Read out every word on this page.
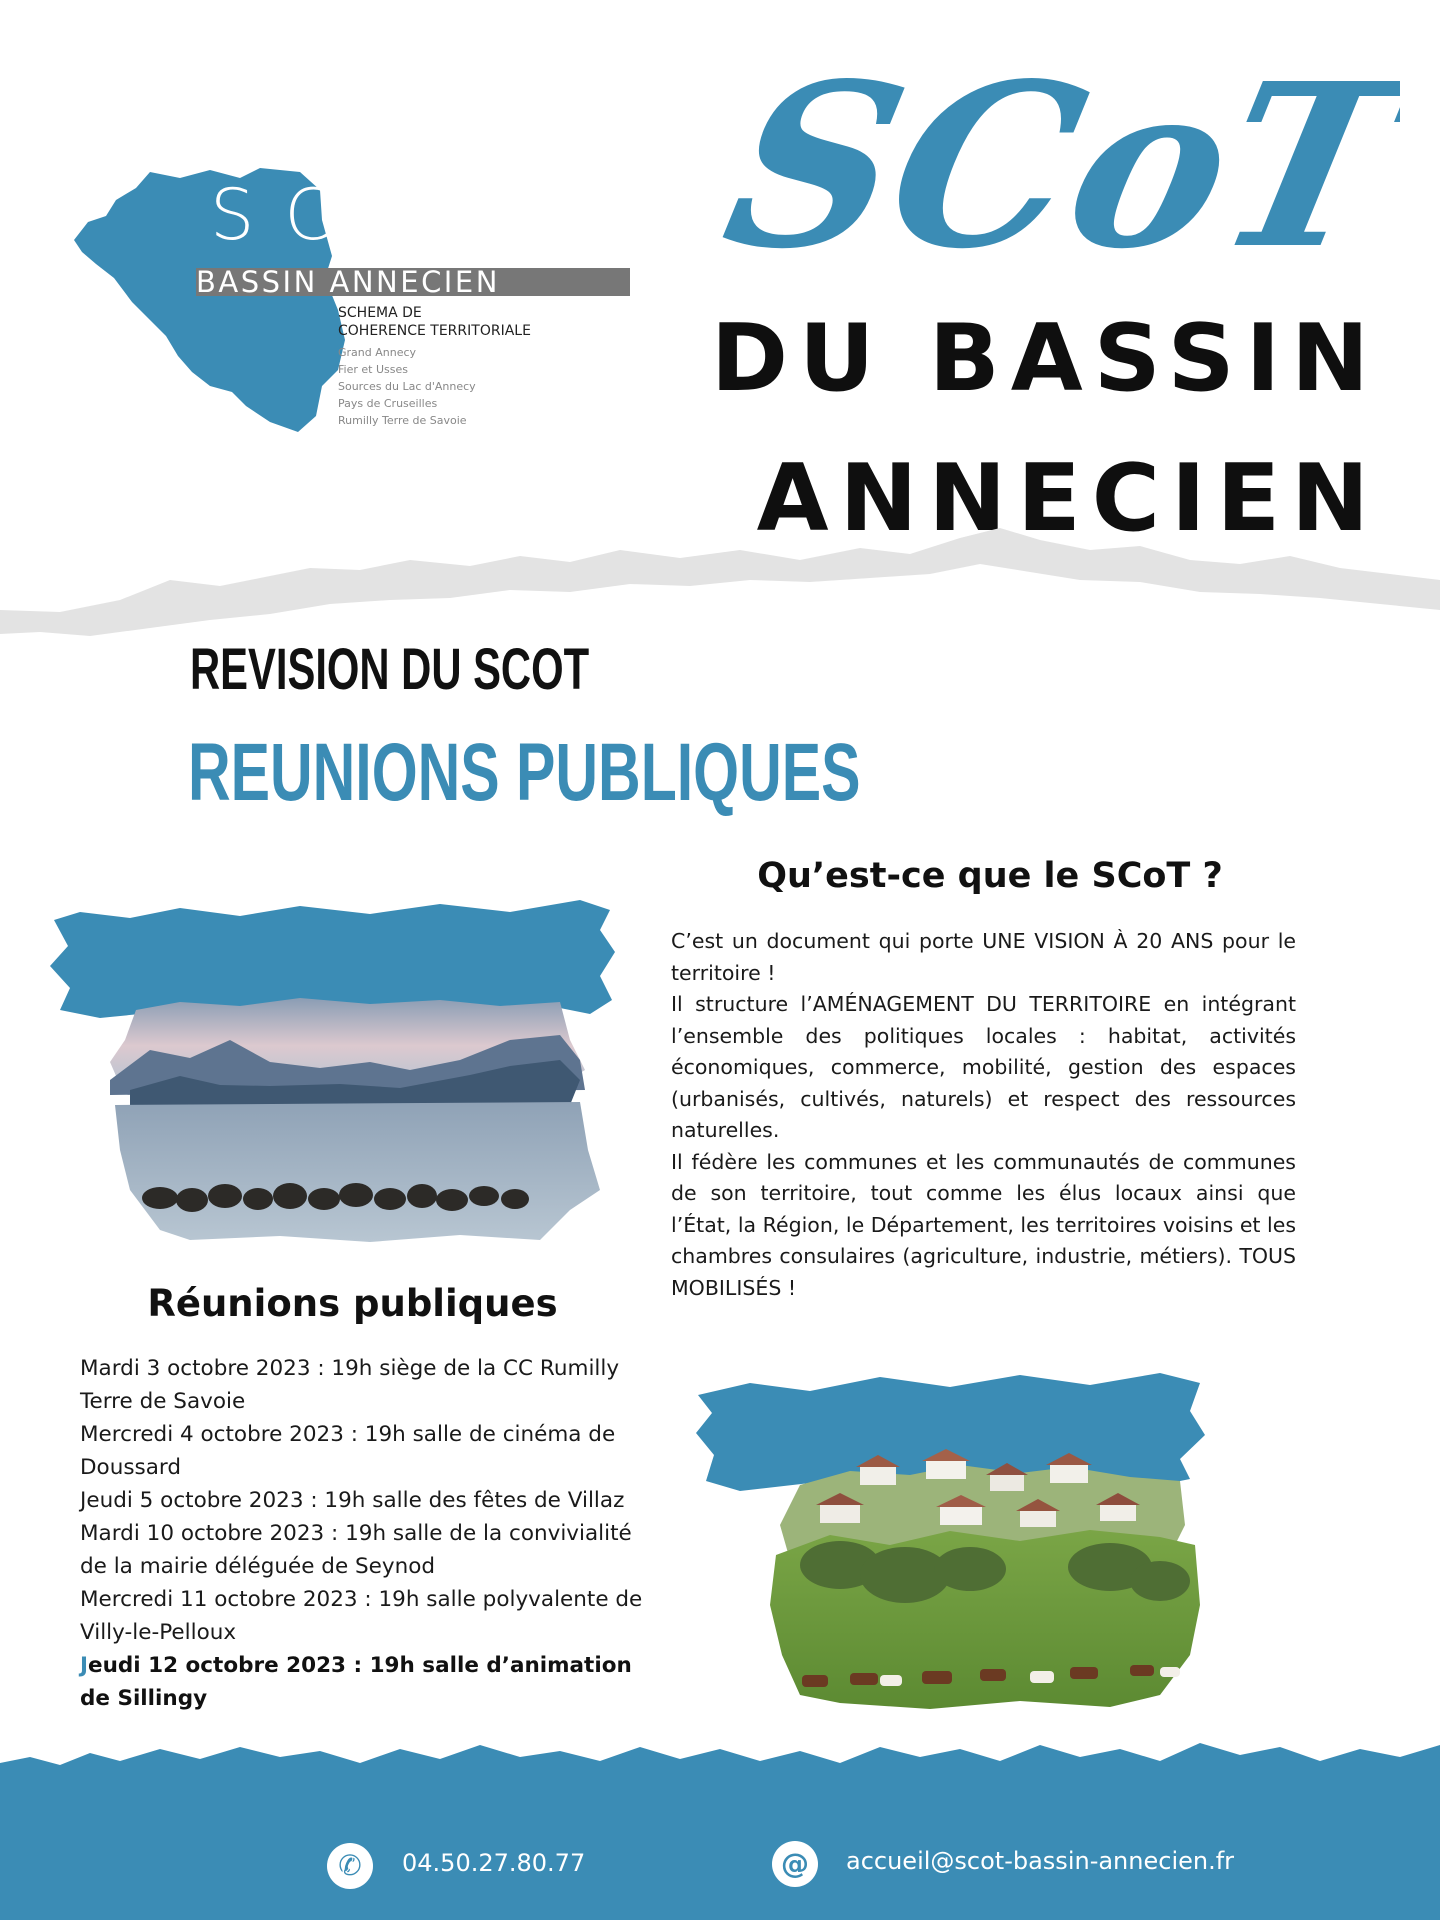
SCOT
BASSIN ANNECIEN
SCHEMA DE
COHERENCE TERRITORIALE
Grand Annecy
Fier et Usses
Sources du Lac d'Annecy
Pays de Cruseilles
Rumilly Terre de Savoie
SCoT
DU BASSIN
ANNECIEN
REVISION DU SCOT
REUNIONS PUBLIQUES
Qu’est-ce que le SCoT ?

C’est un document qui porte UNE VISION À 20 ANS pour le territoire !

Il structure l’AMÉNAGEMENT DU TERRITOIRE en intégrant l’ensemble des politiques locales : habitat, activités économiques, commerce, mobilité, gestion des espaces (urbanisés, cultivés, naturels) et respect des ressources naturelles.

Il fédère les communes et les communautés de communes de son territoire, tout comme les élus locaux ainsi que l’État, la Région, le Département, les territoires voisins et les chambres consulaires (agriculture, industrie, métiers). TOUS MOBILISÉS !

Réunions publiques

Mardi 3 octobre 2023 : 19h siège de la CC Rumilly Terre de Savoie

Mercredi 4 octobre 2023 : 19h salle de cinéma de Doussard

Jeudi 5 octobre 2023 : 19h salle des fêtes de Villaz

Mardi 10 octobre 2023 : 19h salle de la convivialité de la mairie déléguée de Seynod

Mercredi 11 octobre 2023 : 19h salle polyvalente de Villy-le-Pelloux

Jeudi 12 octobre 2023 : 19h salle d’animation de Sillingy

✆	04.50.27.80.77	@	accueil@scot-bassin-annecien.fr
